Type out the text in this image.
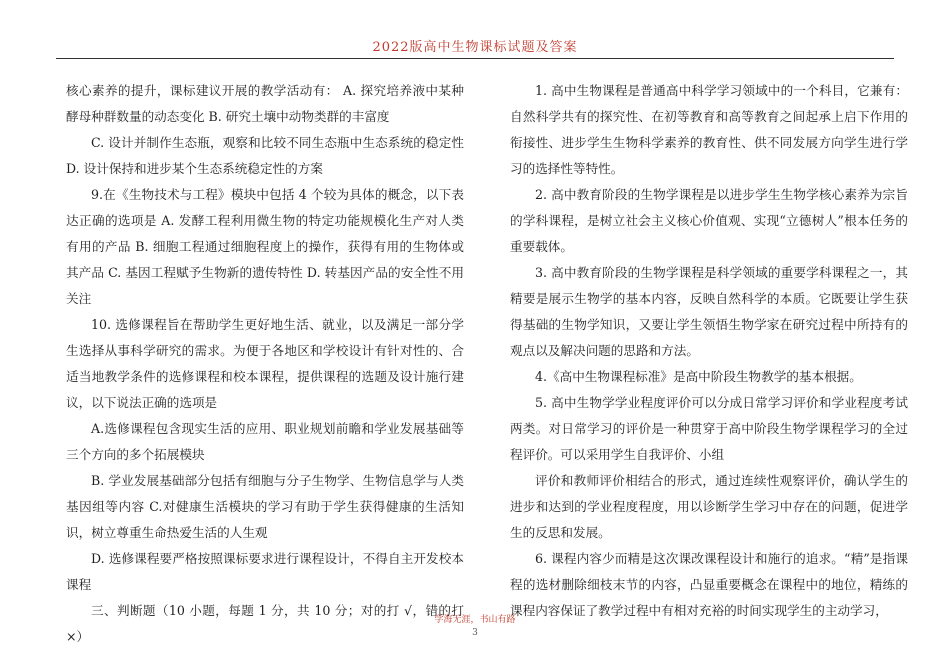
2022版高中生物课标试题及答案

核心素养的提升，课标建议开展的教学活动有： A. 探究培养液中某种酵母种群数量的动态变化 B. 研究土壤中动物类群的丰富度

C. 设计并制作生态瓶，观察和比较不同生态瓶中生态系统的稳定性 D. 设计保持和进步某个生态系统稳定性的方案

9.在《生物技术与工程》模块中包括 4 个较为具体的概念，以下表达正确的选项是 A. 发酵工程利用微生物的特定功能规模化生产对人类有用的产品 B. 细胞工程通过细胞程度上的操作，获得有用的生物体或其产品 C. 基因工程赋予生物新的遗传特性 D. 转基因产品的安全性不用关注

10. 选修课程旨在帮助学生更好地生活、就业，以及满足一部分学生选择从事科学研究的需求。为便于各地区和学校设计有针对性的、合适当地教学条件的选修课程和校本课程，提供课程的选题及设计施行建议，以下说法正确的选项是

A.选修课程包含现实生活的应用、职业规划前瞻和学业发展基础等三个方向的多个拓展模块

B. 学业发展基础部分包括有细胞与分子生物学、生物信息学与人类基因组等内容 C.对健康生活模块的学习有助于学生获得健康的生活知识，树立尊重生命热爱生活的人生观

D. 选修课程要严格按照课标要求进行课程设计，不得自主开发校本课程

三、判断题（10 小题，每题 1 分，共 10 分；对的打 √，错的打×）

1. 高中生物课程是普通高中科学学习领域中的一个科目，它兼有：自然科学共有的探究性、在初等教育和高等教育之间起承上启下作用的衔接性、进步学生生物科学素养的教育性、供不同发展方向学生进行学习的选择性等特性。

2. 高中教育阶段的生物学课程是以进步学生生物学核心素养为宗旨的学科课程，是树立社会主义核心价值观、实现“立德树人”根本任务的重要载体。

3. 高中教育阶段的生物学课程是科学领域的重要学科课程之一，其精要是展示生物学的基本内容，反映自然科学的本质。它既要让学生获得基础的生物学知识，又要让学生领悟生物学家在研究过程中所持有的观点以及解决问题的思路和方法。

4.《高中生物课程标准》是高中阶段生物教学的基本根据。

5. 高中生物学学业程度评价可以分成日常学习评价和学业程度考试两类。对日常学习的评价是一种贯穿于高中阶段生物学课程学习的全过程评价。可以采用学生自我评价、小组

评价和教师评价相结合的形式，通过连续性观察评价，确认学生的进步和达到的学业程度程度，用以诊断学生学习中存在的问题，促进学生的反思和发展。

6. 课程内容少而精是这次课改课程设计和施行的追求。“精”是指课程的选材删除细枝末节的内容，凸显重要概念在课程中的地位，精练的课程内容保证了教学过程中有相对充裕的时间实现学生的主动学习，

学海无涯，书山有路
3
